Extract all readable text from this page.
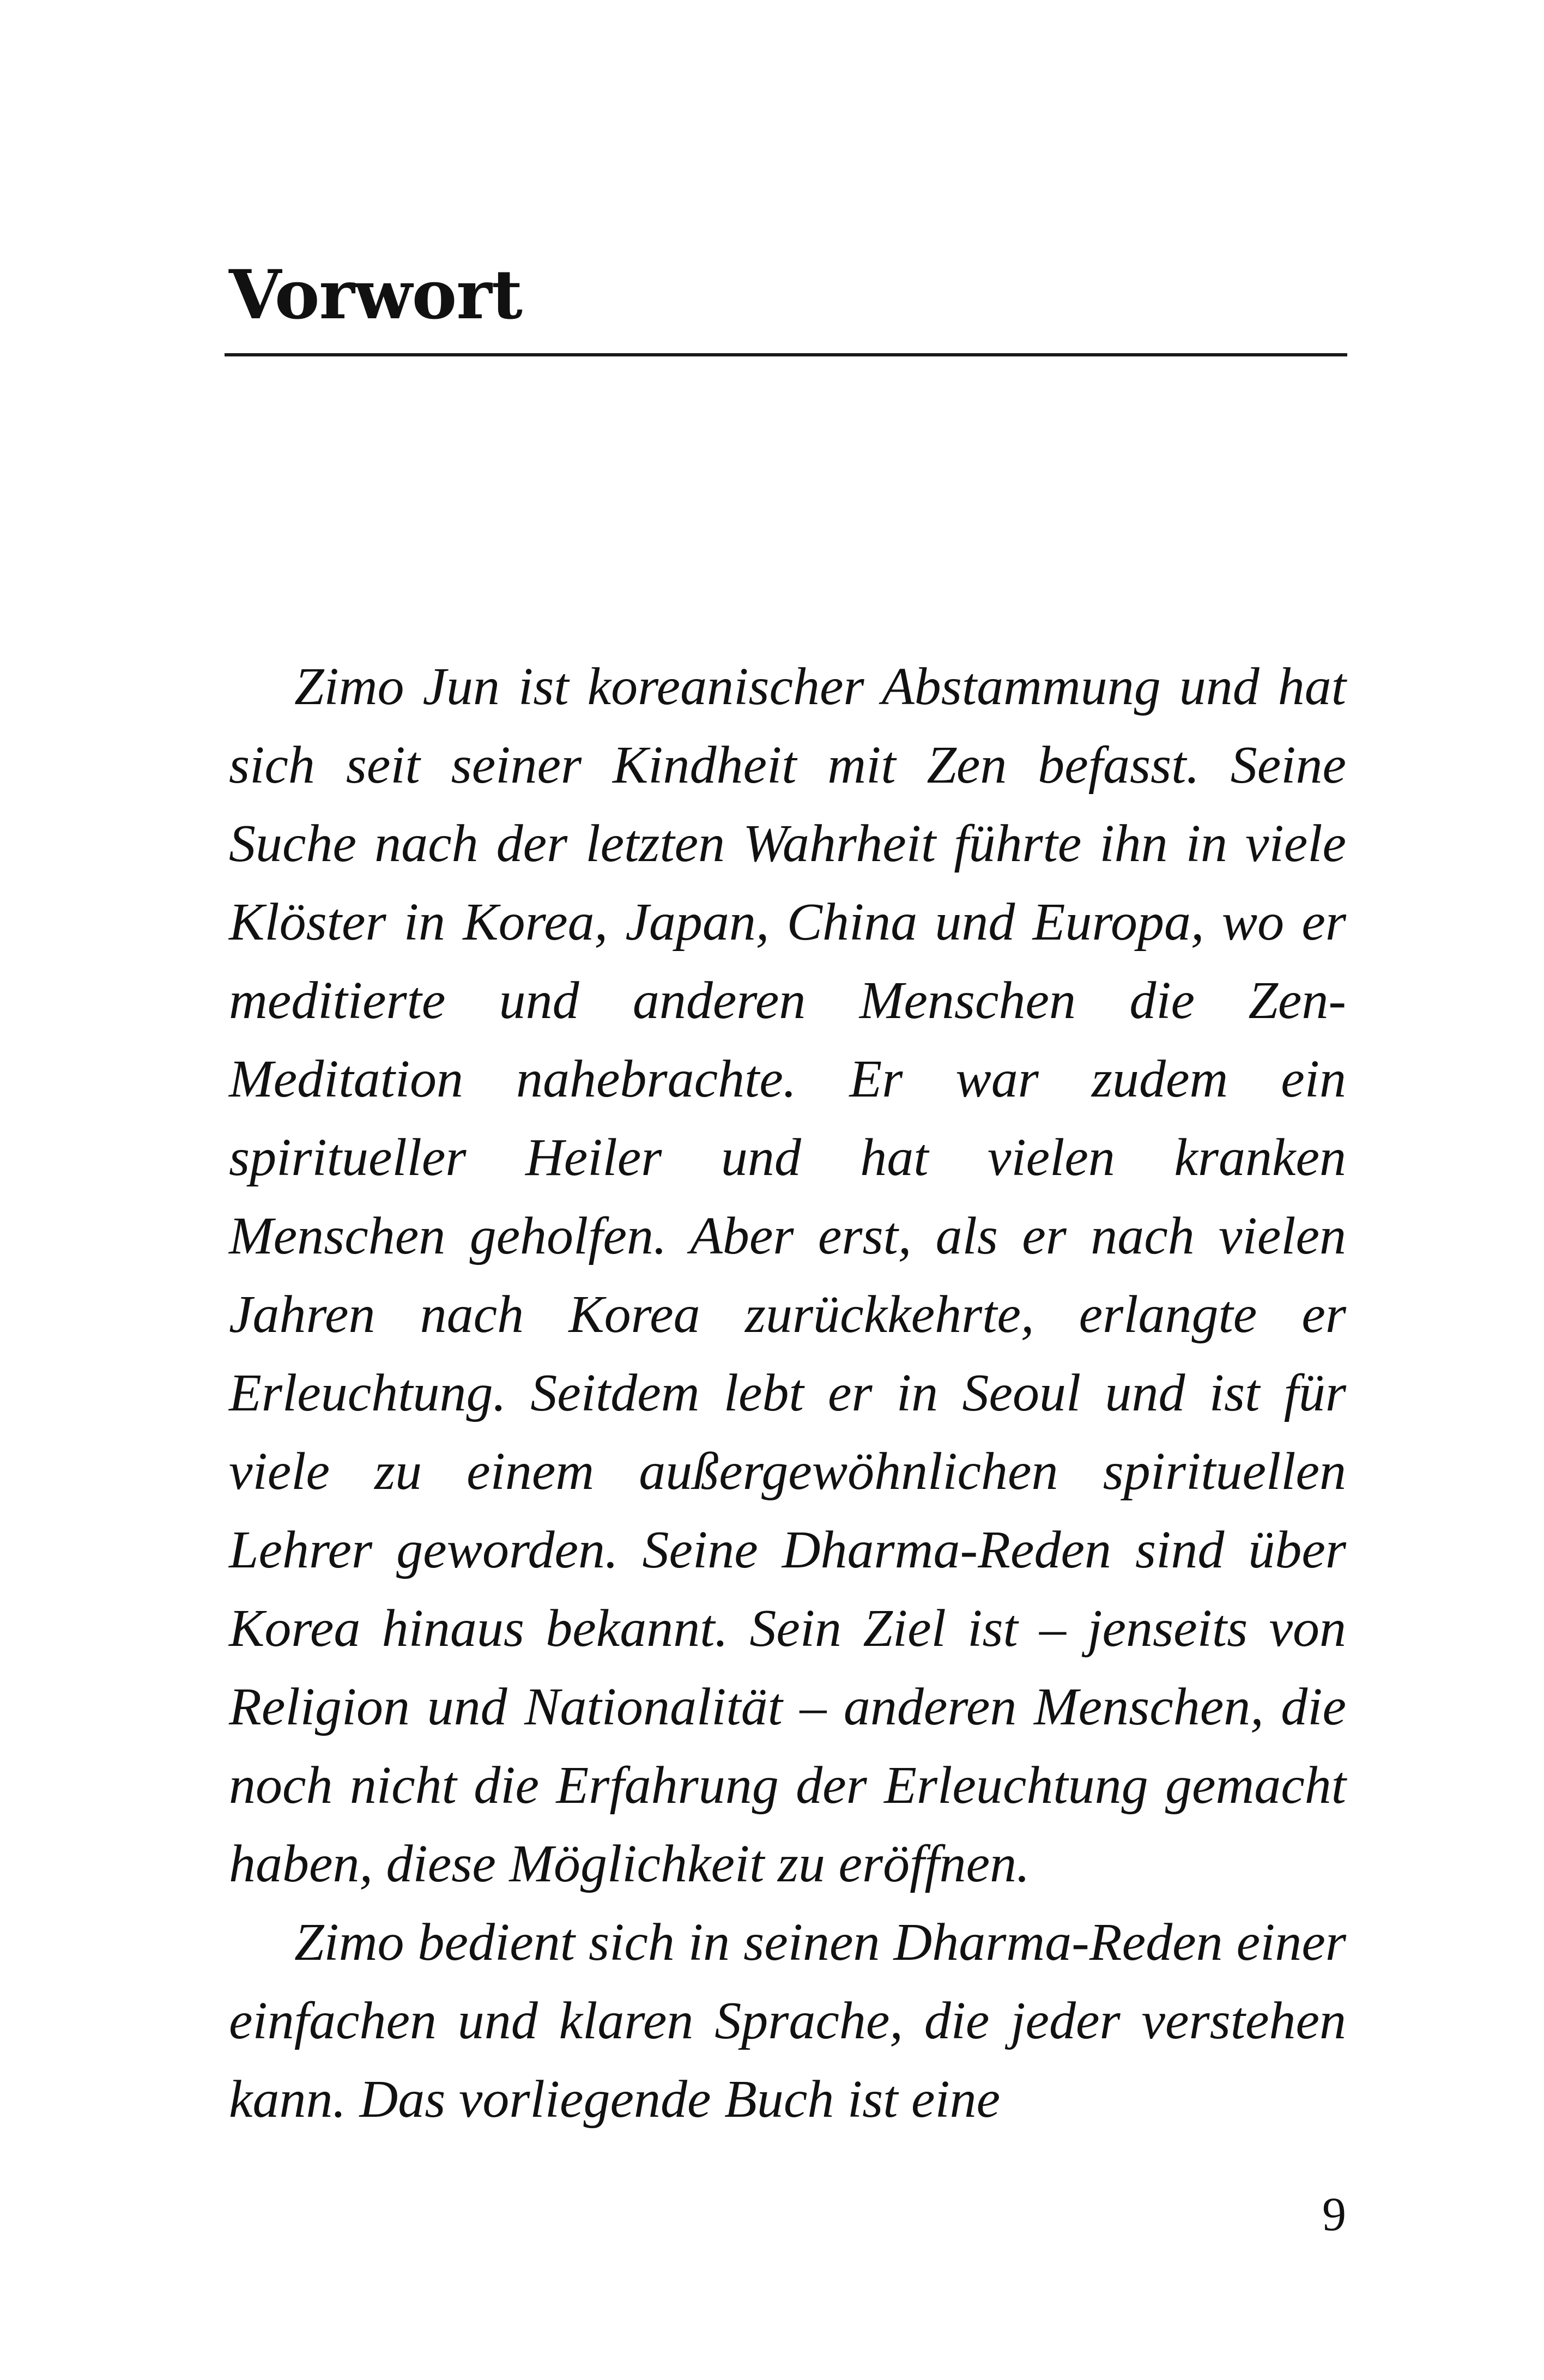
Vorwort

Zimo Jun ist koreanischer Abstammung und hat sich seit seiner Kindheit mit Zen befasst. Seine Suche nach der letzten Wahrheit führte ihn in viele Klöster in Korea, Japan, China und Europa, wo er meditierte und anderen Menschen die Zen-Meditation nahebrachte. Er war zudem ein spiritueller Heiler und hat vielen kranken Menschen geholfen. Aber erst, als er nach vielen Jahren nach Korea zurückkehrte, erlangte er Erleuchtung. Seitdem lebt er in Seoul und ist für viele zu einem außergewöhnlichen spirituellen Lehrer geworden. Seine Dharma-Reden sind über Korea hinaus bekannt. Sein Ziel ist – jenseits von Religion und Nationalität – anderen Menschen, die noch nicht die Erfahrung der Erleuchtung gemacht haben, diese Möglichkeit zu eröffnen.

Zimo bedient sich in seinen Dharma-Reden einer einfachen und klaren Sprache, die jeder verstehen kann. Das vorliegende Buch ist eine

9
